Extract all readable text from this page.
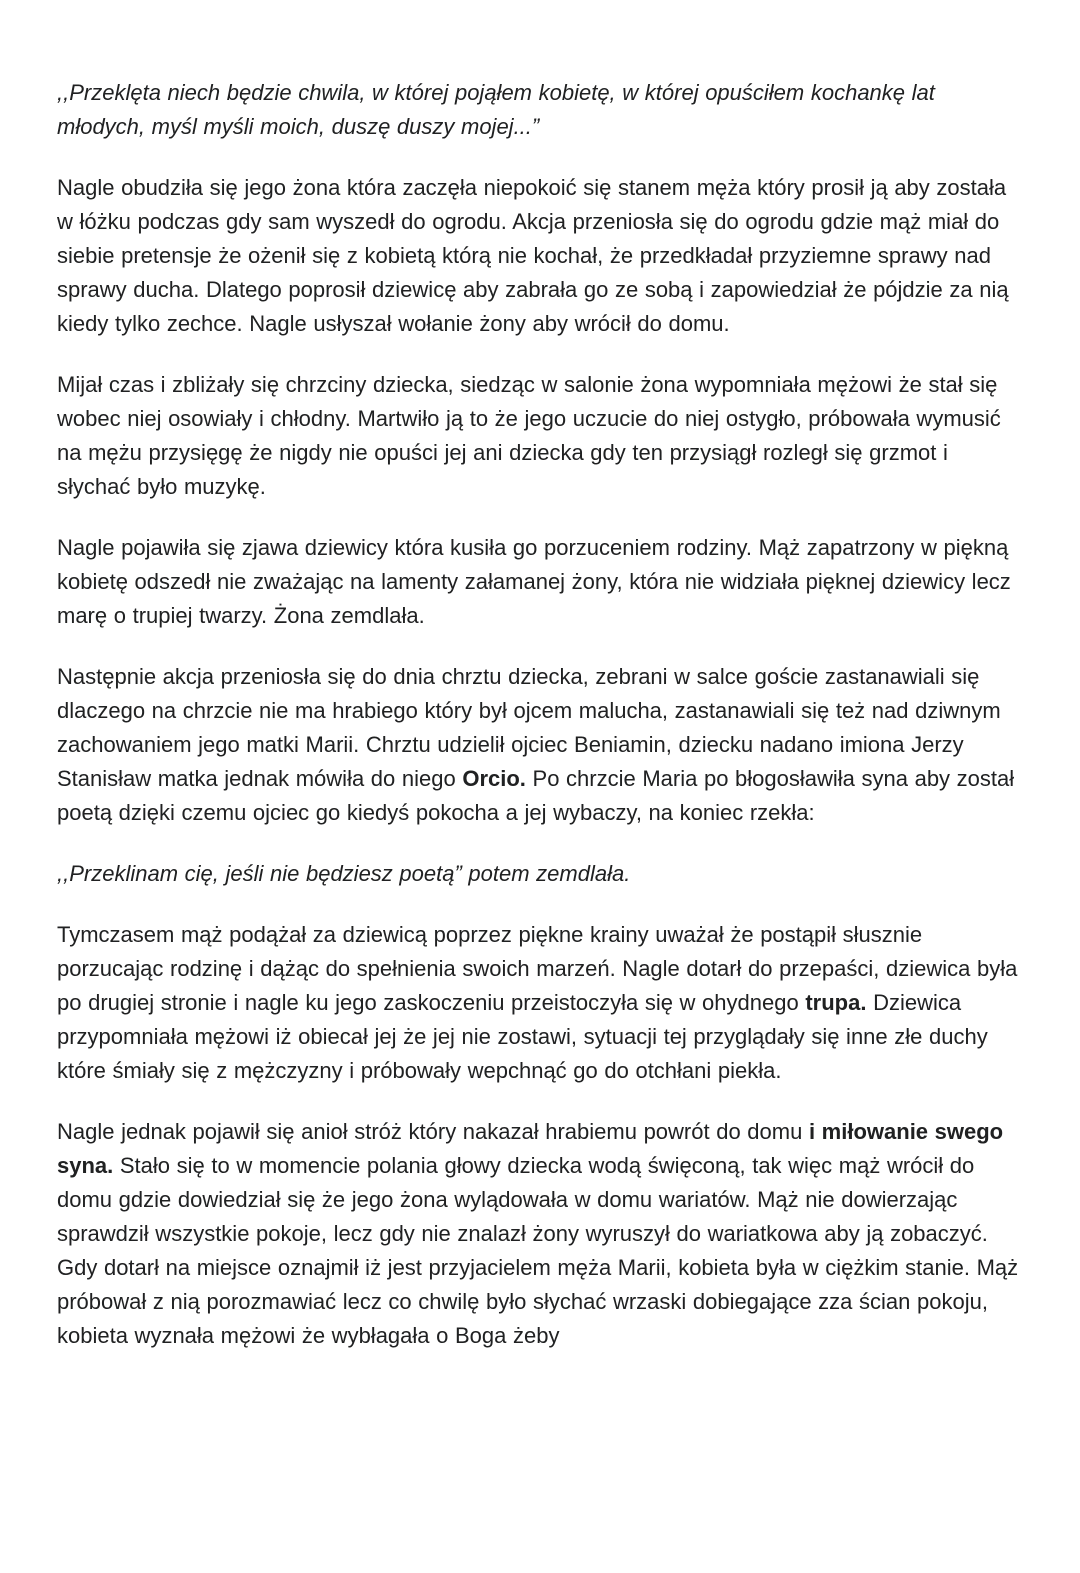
,,Przeklęta niech będzie chwila, w której pojąłem kobietę, w której opuściłem kochankę lat młodych, myśl myśli moich, duszę duszy mojej...”

Nagle obudziła się jego żona która zaczęła niepokoić się stanem męża który prosił ją aby została w łóżku podczas gdy sam wyszedł do ogrodu. Akcja przeniosła się do ogrodu gdzie mąż miał do siebie pretensje że ożenił się z kobietą którą nie kochał, że przedkładał przyziemne sprawy nad sprawy ducha. Dlatego poprosił dziewicę aby zabrała go ze sobą i zapowiedział że pójdzie za nią kiedy tylko zechce. Nagle usłyszał wołanie żony aby wrócił do domu.

Mijał czas i zbliżały się chrzciny dziecka, siedząc w salonie żona wypomniała mężowi że stał się wobec niej osowiały i chłodny. Martwiło ją to że jego uczucie do niej ostygło, próbowała wymusić na mężu przysięgę że nigdy nie opuści jej ani dziecka gdy ten przysiągł rozległ się grzmot i słychać było muzykę.

Nagle pojawiła się zjawa dziewicy która kusiła go porzuceniem rodziny. Mąż zapatrzony w piękną kobietę odszedł nie zważając na lamenty załamanej żony, która nie widziała pięknej dziewicy lecz marę o trupiej twarzy. Żona zemdlała.

Następnie akcja przeniosła się do dnia chrztu dziecka, zebrani w salce goście zastanawiali się dlaczego na chrzcie nie ma hrabiego który był ojcem malucha, zastanawiali się też nad dziwnym zachowaniem jego matki Marii. Chrztu udzielił ojciec Beniamin, dziecku nadano imiona Jerzy Stanisław matka jednak mówiła do niego Orcio. Po chrzcie Maria po błogosławiła syna aby został poetą dzięki czemu ojciec go kiedyś pokocha a jej wybaczy, na koniec rzekła:

,,Przeklinam cię, jeśli nie będziesz poetą” potem zemdlała.

Tymczasem mąż podążał za dziewicą poprzez piękne krainy uważał że postąpił słusznie porzucając rodzinę i dążąc do spełnienia swoich marzeń. Nagle dotarł do przepaści, dziewica była po drugiej stronie i nagle ku jego zaskoczeniu przeistoczyła się w ohydnego trupa. Dziewica przypomniała mężowi iż obiecał jej że jej nie zostawi, sytuacji tej przyglądały się inne złe duchy które śmiały się z mężczyzny i próbowały wepchnąć go do otchłani piekła.

Nagle jednak pojawił się anioł stróż który nakazał hrabiemu powrót do domu i miłowanie swego syna. Stało się to w momencie polania głowy dziecka wodą święconą, tak więc mąż wrócił do domu gdzie dowiedział się że jego żona wylądowała w domu wariatów. Mąż nie dowierzając sprawdził wszystkie pokoje, lecz gdy nie znalazł żony wyruszył do wariatkowa aby ją zobaczyć. Gdy dotarł na miejsce oznajmił iż jest przyjacielem męża Marii, kobieta była w ciężkim stanie. Mąż próbował z nią porozmawiać lecz co chwilę było słychać wrzaski dobiegające zza ścian pokoju, kobieta wyznała mężowi że wybłagała o Boga żeby
